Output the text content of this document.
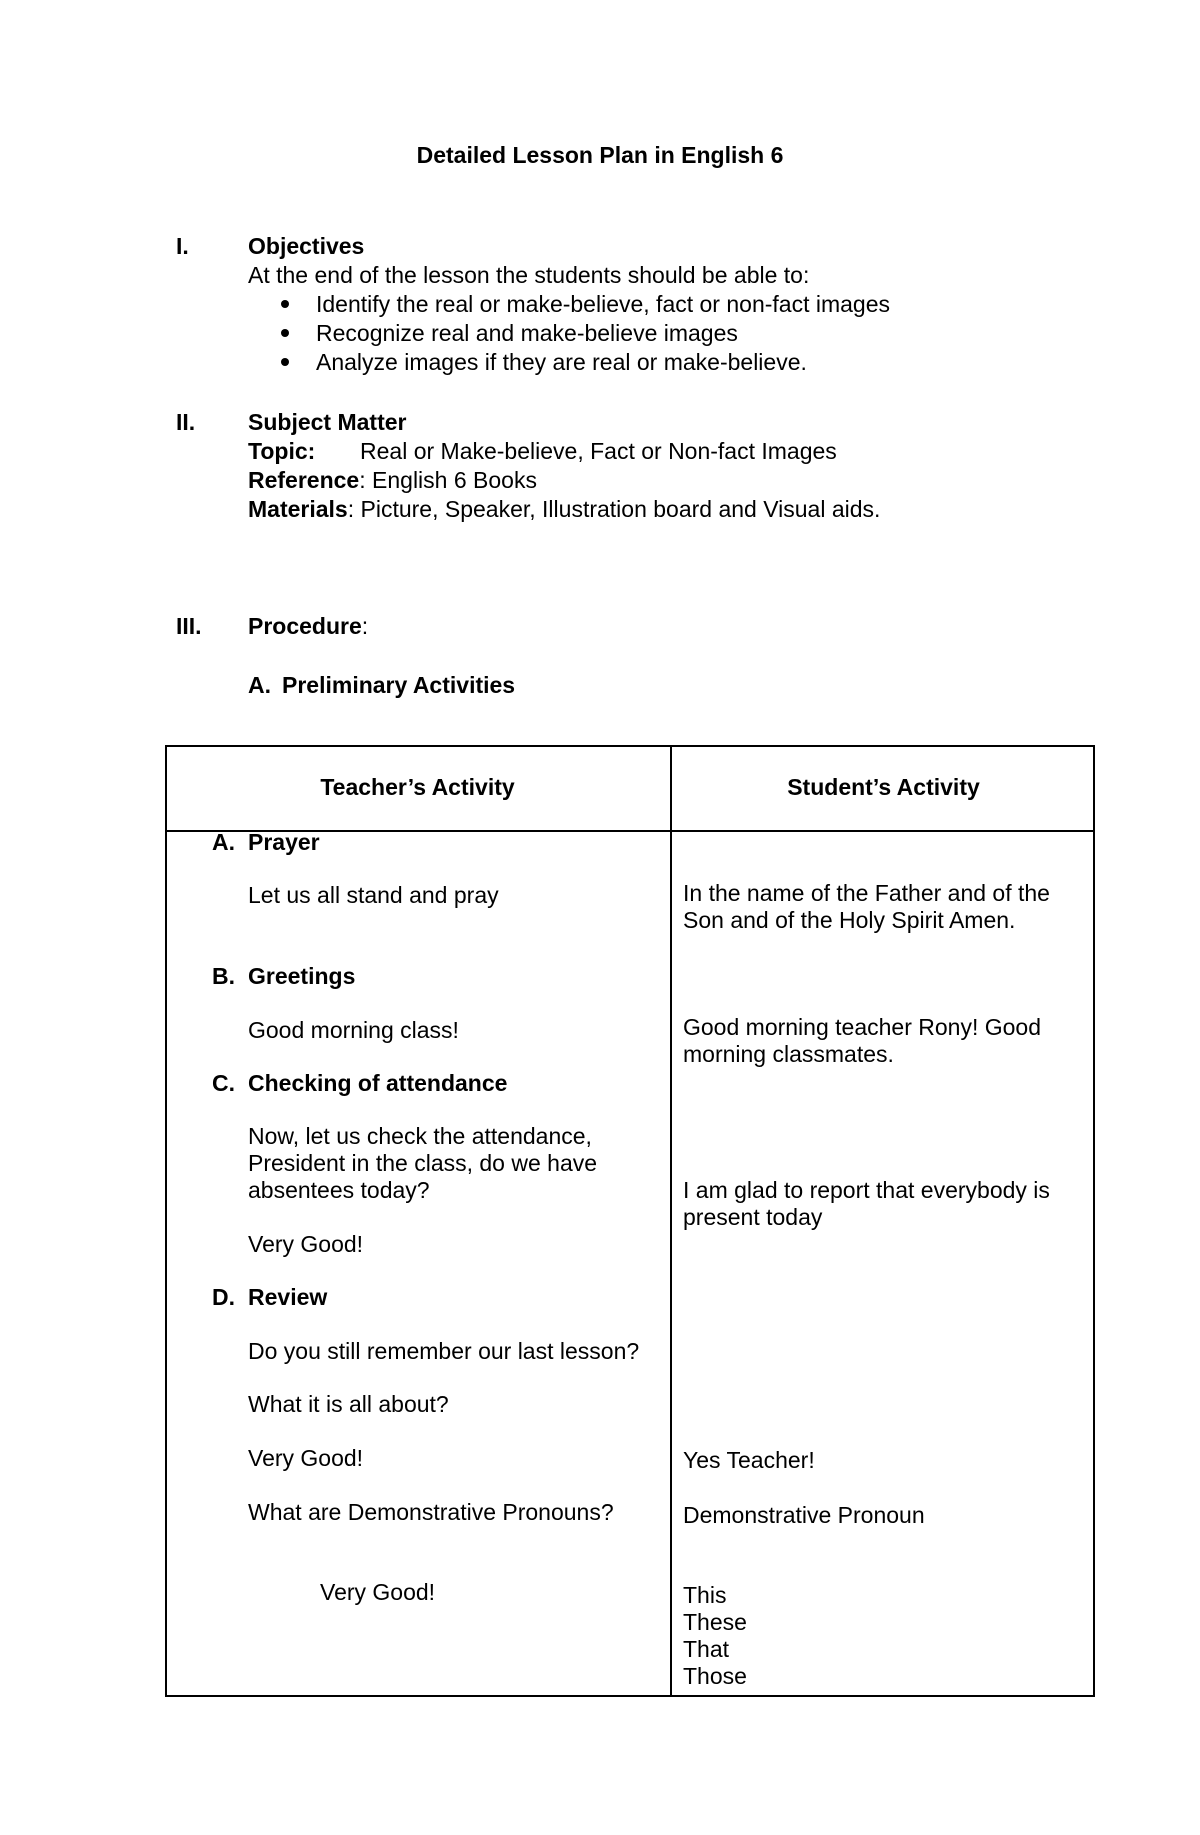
Detailed Lesson Plan in English 6
I.	Objectives
At the end of the lesson the students should be able to:
Identify the real or make-believe, fact or non-fact images
Recognize real and make-believe images
Analyze images if they are real or make-believe.
II. Subject Matter
Topic: Real or Make-believe, Fact or Non-fact Images
Reference: English 6 Books
Materials: Picture, Speaker, Illustration board and Visual aids.
III. Procedure:
A. Preliminary Activities
Teacher’s Activity	Student’s Activity
A. Prayer
Let us all stand and pray
B. Greetings
Good morning class!
C. Checking of attendance
Now, let us check the attendance,
President in the class, do we have
absentees today?
Very Good!
D. Review
Do you still remember our last lesson?
What it is all about?
Very Good!
What are Demonstrative Pronouns?
Very Good!
In the name of the Father and of the
Son and of the Holy Spirit Amen.
Good morning teacher Rony! Good
morning classmates.
I am glad to report that everybody is
present today
Yes Teacher!
Demonstrative Pronoun
This
These
That
Those
